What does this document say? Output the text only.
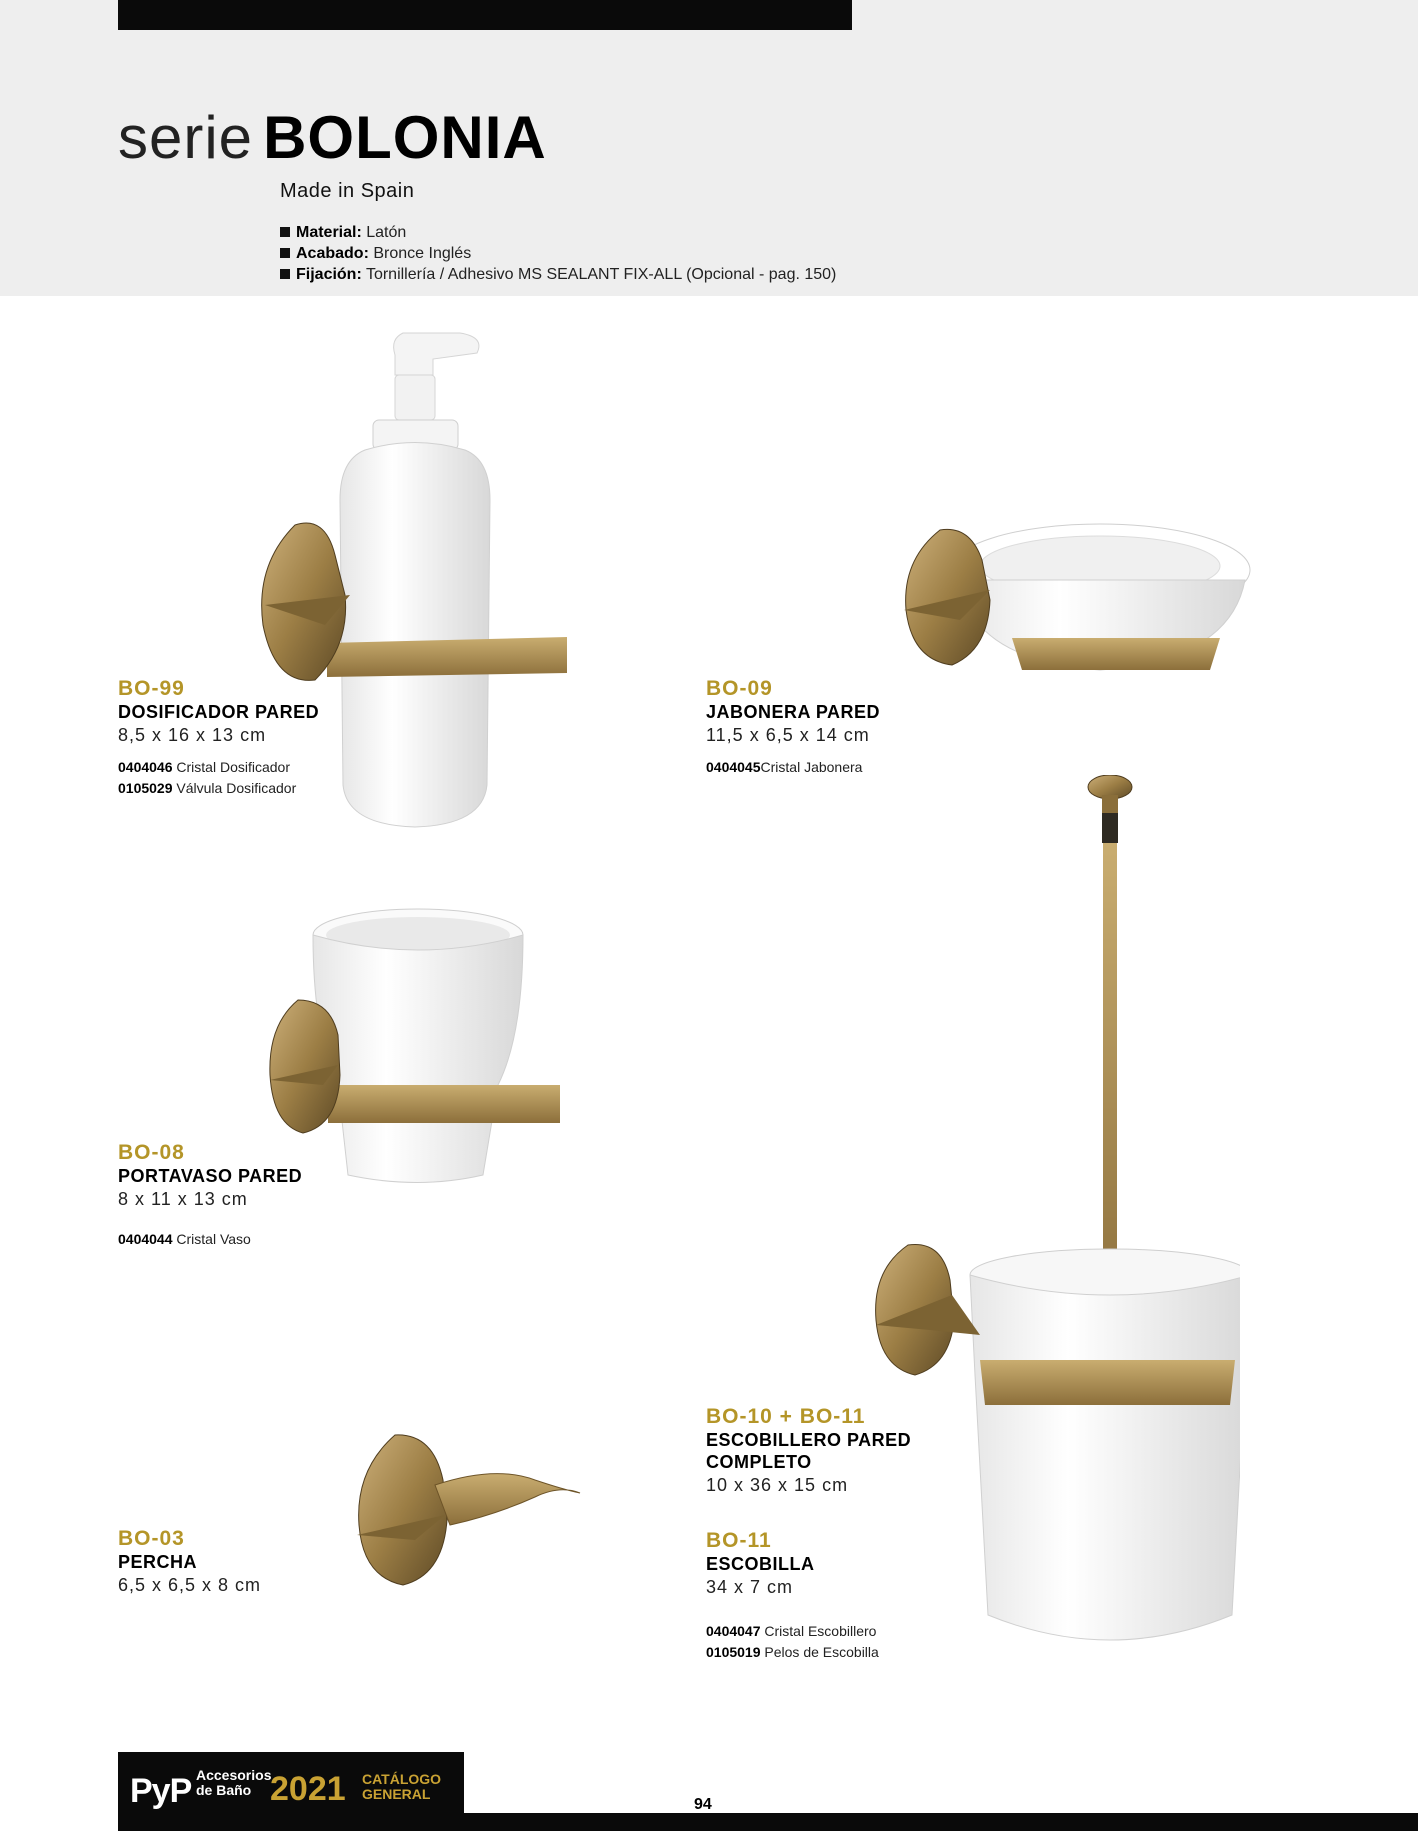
serie BOLONIA
Made in Spain
Material: Latón
Acabado: Bronce Inglés
Fijación: Tornillería / Adhesivo MS SEALANT FIX-ALL (Opcional - pag. 150)
BO-99
DOSIFICADOR PARED
8,5 x 16 x 13 cm
0404046 Cristal Dosificador
0105029 Válvula Dosificador
BO-09
JABONERA PARED
11,5 x 6,5 x 14 cm
0404045Cristal Jabonera
BO-08
PORTAVASO PARED
8 x 11 x 13 cm
0404044 Cristal Vaso
BO-03
PERCHA
6,5 x 6,5 x 8 cm
BO-10 + BO-11
ESCOBILLERO PARED
COMPLETO
10 x 36 x 15 cm
BO-11
ESCOBILLA
34 x 7 cm
0404047 Cristal Escobillero
0105019 Pelos de Escobilla
PyP Accesorios
de Baño 2021 CATÁLOGO
GENERAL
94
